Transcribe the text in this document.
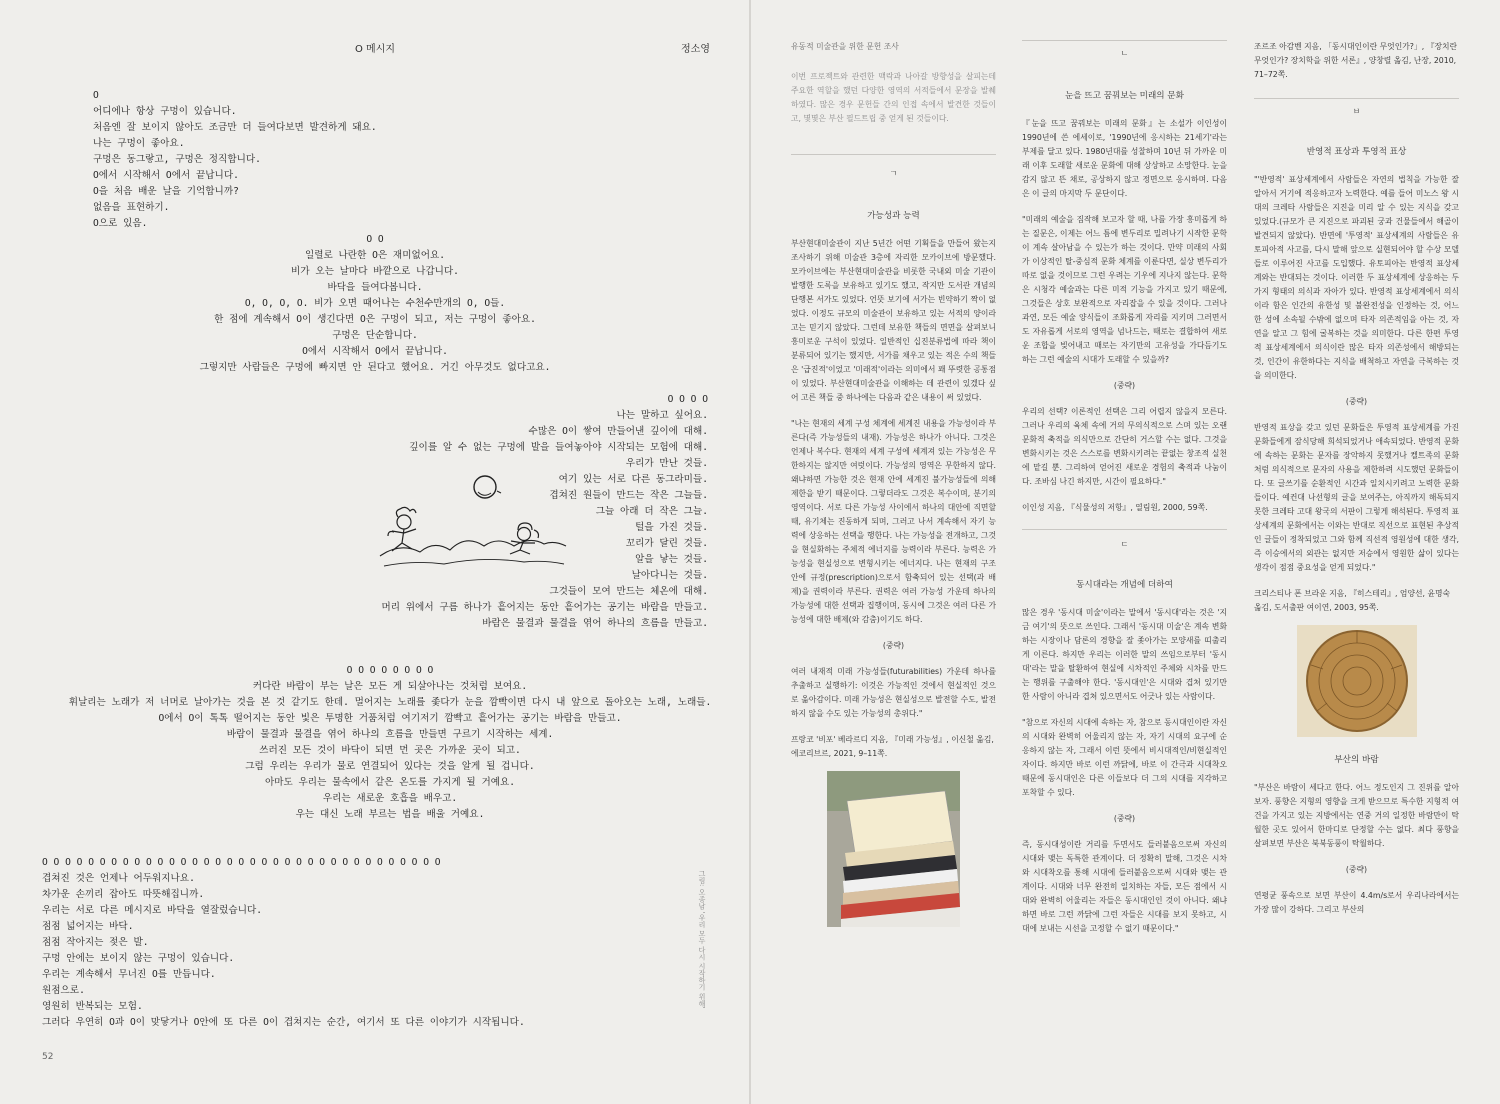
O 메시지	정소영
O
어디에나 항상 구멍이 있습니다.
처음엔 잘 보이지 않아도 조금만 더 들여다보면 발견하게 돼요.
나는 구멍이 좋아요.
구멍은 동그랗고, 구멍은 정직합니다.
O에서 시작해서 O에서 끝납니다.
O을 처음 배운 날을 기억합니까?
없음을 표현하기.
O으로 있음.
O O
일렬로 나란한 O은 재미없어요.
비가 오는 날마다 바깥으로 나갑니다.
바닥을 들여다봅니다.
O, O, O, O. 비가 오면 때어나는 수천수만개의 O, O들.
한 점에 계속해서 O이 생긴다면 O은 구멍이 되고, 저는 구멍이 좋아요.
구멍은 단순합니다.
O에서 시작해서 O에서 끝납니다.
그렇지만 사람들은 구멍에 빠지면 안 된다고 했어요. 거긴 아무것도 없다고요.
O O O O
나는 말하고 싶어요.
수많은 O이 쌓여 만들어낸 깊이에 대해.
깊이를 알 수 없는 구멍에 발을 들여놓아야 시작되는 모험에 대해.
우리가 만난 것들.
여기 있는 서로 다른 동그라미들.
겹쳐진 원들이 만드는 작은 그늘들.
그늘 아래 더 작은 그늘.
털을 가진 것들.
꼬리가 달린 것들.
알을 낳는 것들.
날아다니는 것들.
그것들이 모여 만드는 체온에 대해.
머리 위에서 구름 하나가 흩어지는 동안 흩어가는 공기는 바람을 만들고.
바람은 물결과 물결을 엮어 하나의 흐름을 만들고.
O O O O O O O O
커다란 바람이 부는 날은 모든 게 되살아나는 것처럼 보여요.
휘날리는 노래가 저 너머로 날아가는 것을 본 것 같기도 한데. 멀어지는 노래를 좇다가 눈을 깜빡이면 다시 내 앞으로 돌아오는 노래, 노래들.
O에서 O이 톡톡 떨어지는 동안 빛은 투명한 거품처럼 여기저기 깜빡고 흩어가는 공기는 바람을 만들고.
바람이 물결과 물결을 엮어 하나의 흐름을 만들면 구르기 시작하는 세계.
쓰러진 모든 것이 바닥이 되면 먼 곳은 가까운 곳이 되고.
그럼 우리는 우리가 물로 연결되어 있다는 것을 알게 될 겁니다.
아마도 우리는 물속에서 같은 온도를 가지게 될 거예요.
우리는 새로운 호흡을 배우고.
우는 대신 노래 부르는 법을 배울 거예요.
O O O O O O O O O O O O O O O O O O O O O O O O O O O O O O O O O O O
겹쳐진 것은 언제나 어두워지나요.
차가운 손끼리 잡아도 따뜻해집니까.
우리는 서로 다른 메시지로 바닥을 열잘렀습니다.
점점 넓어지는 바닥.
점점 작아지는 젖은 발.
구멍 안에는 보이지 않는 구멍이 있습니다.
우리는 계속해서 무너진 O를 만듭니다.
원점으로.
영원히 반복되는 모험.
그러다 우연히 O과 O이 맞닿거나 O안에 또 다른 O이 겹쳐지는 순간, 여기서 또 다른 이야기가 시작됩니다.
그림: 오종남 '우리 모두 다시 시작하기 위해'
52
유동적 미술관을 위한 문헌 조사
이번 프로젝트와 관련한 맥락과 나아갈 방향성을 살피는데 주요한 역할을 했던 다양한 영역의 서적들에서 문장을 발췌하였다. 많은 경우 문헌들 간의 인접 속에서 발견한 것들이고, 몇몇은 부산 필드트립 중 얻게 된 것들이다.
ㄱ
가능성과 능력

부산현대미술관이 지난 5년간 어떤 기획들을 만들어 왔는지 조사하기 위해 미술관 3층에 자리한 모카이브에 방문했다. 모카이브에는 부산현대미술관을 비롯한 국내외 미술 기관이 발행한 도록을 보유하고 있기도 했고, 작지만 도서관 개념의 단행본 서가도 있었다. 언뜻 보기에 서가는 빈약하기 짝이 없었다. 이정도 규모의 미술관이 보유하고 있는 서적의 양이라고는 믿기지 않았다. 그런데 보유한 책들의 면면을 살펴보니 흥미로운 구석이 있었다. 일반적인 십진분류법에 따라 책이 분류되어 있기는 했지만, 서가를 채우고 있는 적은 수의 책들은 '급진적'이었고 '미래적'이라는 의미에서 꽤 뚜렷한 공통점이 있었다. 부산현대미술관을 이해하는 데 관련이 있겠다 싶어 고른 책들 중 하나에는 다음과 같은 내용이 써 있었다.

"나는 현재의 세계 구성 체계에 세계진 내용을 가능성이라 부른다(즉 가능성들의 내재). 가능성은 하나가 아니다. 그것은 언제나 복수다. 현재의 세계 구성에 세계져 있는 가능성은 무한하지는 않지만 여럿이다. 가능성의 영역은 무한하지 않다. 왜냐하면 가능한 것은 현재 안에 세계진 불가능성들에 의해 제한을 받기 때문이다. 그렇더라도 그것은 복수이며, 분기의 영역이다. 서로 다른 가능성 사이에서 하나의 대안에 직면할 때, 유기체는 진동하게 되며, 그러고 나서 계속해서 자기 능력에 상응하는 선택을 행한다. 나는 가능성을 전개하고, 그것을 현실화하는 주체적 에너지를 능력이라 부른다. 능력은 가능성을 현실성으로 변형시키는 에너지다. 나는 현재의 구조 안에 규정(prescription)으로서 함축되어 있는 선택(과 배제)을 권력이라 부른다. 권력은 여러 가능성 가운데 하나의 가능성에 대한 선택과 집행이며, 동시에 그것은 여러 다른 가능성에 대한 배제(와 감춤)이기도 하다.

(중략)

여러 내재적 미래 가능성들(futurabilities) 가운데 하나를 추출하고 실행하기: 이것은 가능적인 것에서 현실적인 것으로 옮아감이다. 미래 가능성은 현실성으로 발전할 수도, 발전하지 않을 수도 있는 가능성의 총위다."

프랑코 '비포' 베라르디 지음, 『미래 가능성』, 이신철 옮김, 에코리브르, 2021, 9–11쪽.
ㄴ
눈을 뜨고 꿈꿔보는 미래의 문화

『눈을 뜨고 꿈꿔보는 미래의 문화』는 소설가 이인성이 1990년에 쓴 에세이로, '1990년에 응시하는 21세기'라는 부제를 달고 있다. 1980년대를 성찰하며 10년 뒤 가까운 미래 이후 도래할 새로운 문화에 대해 상상하고 소망한다. 눈을 감지 않고 뜬 채로, 공상하지 않고 정면으로 응시하며. 다음은 이 글의 마지막 두 문단이다.

"미래의 예술을 짐작해 보고자 할 때, 나를 가장 흥미롭게 하는 질문은, 이제는 어느 틈에 변두리로 밀려나기 시작한 문학이 계속 살아남을 수 있는가 하는 것이다. 만약 미래의 사회가 이상적인 탈-중심적 문화 체계를 이룬다면, 실상 변두리가 따로 없을 것이므로 그런 우려는 기우에 지나지 않는다. 문학은 시청각 예술과는 다른 미적 기능을 가지고 있기 때문에, 그것들은 상호 보완적으로 자리잡을 수 있을 것이다. 그러나 과연, 모든 예술 양식들이 조화롭게 자리를 지키며 그러면서도 자유롭게 서로의 영역을 넘나드는, 때로는 결합하여 새로운 조합을 빚어내고 때로는 자기만의 고유성을 가다듬기도 하는 그런 예술의 시대가 도래할 수 있을까?

(중략)

우리의 선택? 이론적인 선택은 그리 어렵지 않을지 모른다. 그러나 우리의 육체 속에 거의 무의식적으로 스며 있는 오랜 문화적 축적을 의식만으로 간단히 거스할 수는 없다. 그것을 변화시키는 것은 스스로를 변화시키려는 끝없는 창조적 실천에 맡길 뿐. 그리하여 얻어진 새로운 경험의 축적과 나눔이다. 조바심 나긴 하지만, 시간이 필요하다."

이인성 지음, 『식물성의 저항』, 열림원, 2000, 59쪽.
ㄷ
동시대라는 개념에 더하여

많은 경우 '동시대 미술'이라는 말에서 '동시대'라는 것은 '지금 여기'의 뜻으로 쓰인다. 그래서 '동시대 미술'은 계속 변화하는 시장이나 담론의 경향을 잘 좇아가는 모양새를 띠출리게 이른다. 하지만 우리는 이러한 말의 쓰임으로부터 '동시대'라는 말을 탈환하여 현실에 시차적인 주체와 시차를 만드는 행위를 구출해야 한다. '동시대인'은 시대와 겹쳐 있기만 한 사람이 아니라 겹쳐 있으면서도 어긋나 있는 사람이다.

"참으로 자신의 시대에 속하는 자, 참으로 동시대인이란 자신의 시대와 완벽히 어울리지 않는 자, 자기 시대의 요구에 순응하지 않는 자, 그래서 이런 뜻에서 비시대적인/비현실적인 자이다. 하지만 바로 이런 까닭에, 바로 이 간극과 시대착오 때문에 동시대인은 다른 이들보다 더 그의 시대를 지각하고 포착할 수 있다.

(중략)

즉, 동시대성이란 거리를 두면서도 들러붙음으로써 자신의 시대와 맺는 독특한 관계이다. 더 정확히 말해, 그것은 시차와 시대착오를 통해 시대에 들러붙음으로써 시대와 맺는 관계이다. 시대와 너무 완전히 일치하는 자들, 모든 점에서 시대와 완벽히 어울리는 자들은 동시대인인 것이 아니다. 왜냐하면 바로 그런 까닭에 그런 자들은 시대를 보지 못하고, 시대에 보내는 시선을 고정할 수 없기 때문이다."

조르조 아감벤 지음, 「동시대인이란 무엇인가?」, 『장치란 무엇인가? 장치학을 위한 서론』, 양창렬 옮김, 난장, 2010, 71–72쪽.
ㅂ
반영적 표상과 투영적 표상

"'반영적' 표상세계에서 사람들은 자연의 법칙을 가능한 잘 알아서 거기에 적응하고자 노력한다. 예를 들어 미노스 왕 시대의 크레타 사람들은 지진을 미리 알 수 있는 지식을 갖고 있었다.(규모가 큰 지진으로 파괴된 궁과 건물들에서 해골이 발견되지 않았다). 반면에 '투영적' 표상세계의 사람들은 유토피아적 사고를, 다시 말해 앞으로 실현되어야 할 수상 모델들로 이루어진 사고를 도입했다. 유토피아는 반영적 표상세계와는 반대되는 것이다. 이러한 두 표상세계에 상응하는 두 가지 형태의 의식과 자아가 있다. 반영적 표상세계에서 의식이라 함은 인간의 유한성 및 불완전성을 인정하는 것, 어느 한 성에 소속될 수밖에 없으며 타자 의존적임을 아는 것, 자연을 알고 그 힘에 굴복하는 것을 의미한다. 다른 한편 투영적 표상세계에서 의식이란 많은 타자 의존성에서 해방되는 것, 인간이 유한하다는 지식을 배척하고 자연을 극복하는 것을 의미한다.

(중략)

반영적 표상을 갖고 있던 문화들은 투영적 표상세계를 가진 문화들에게 잠식당해 희석되었거나 애속되었다. 반영적 문화에 속하는 문화는 문자를 장악하지 못했거나 켈트족의 문화처럼 의식적으로 문자의 사용을 제한하려 시도했던 문화들이다. 또 글쓰기를 순환적인 시간과 일치시키려고 노력한 문화들이다. 예컨대 나선형의 글을 보여주는, 아직까지 해독되지 못한 크레타 고대 왕국의 서판이 그렇게 해석된다. 투영적 표상세계의 문화에서는 이와는 반대로 직선으로 표현된 추상적인 글들이 정착되었고 그와 함께 직선적 영원성에 대한 생각, 즉 이승에서의 외관는 없지만 저승에서 영원한 삶이 있다는 생각이 점점 중요성을 얻게 되었다."

크리스티나 폰 브라운 지음, 『히스테리』, 엄양선, 윤명숙 옮김, 도서출판 여이연, 2003, 95쪽.
부산의 바람

"부산은 바람이 세다고 한다. 어느 정도인지 그 진위를 알아보자. 풍향은 지형의 영향을 크게 받으므로 특수한 지형적 여건을 가지고 있는 지방에서는 연중 거의 일정한 바람만이 탁월한 곳도 있어서 한마디로 단정할 수는 없다. 최다 풍향을 살펴보면 부산은 북북동풍이 탁월하다.

(중략)

연평균 풍속으로 보면 부산이 4.4m/s로서 우리나라에서는 가장 많이 강하다. 그리고 부산의
